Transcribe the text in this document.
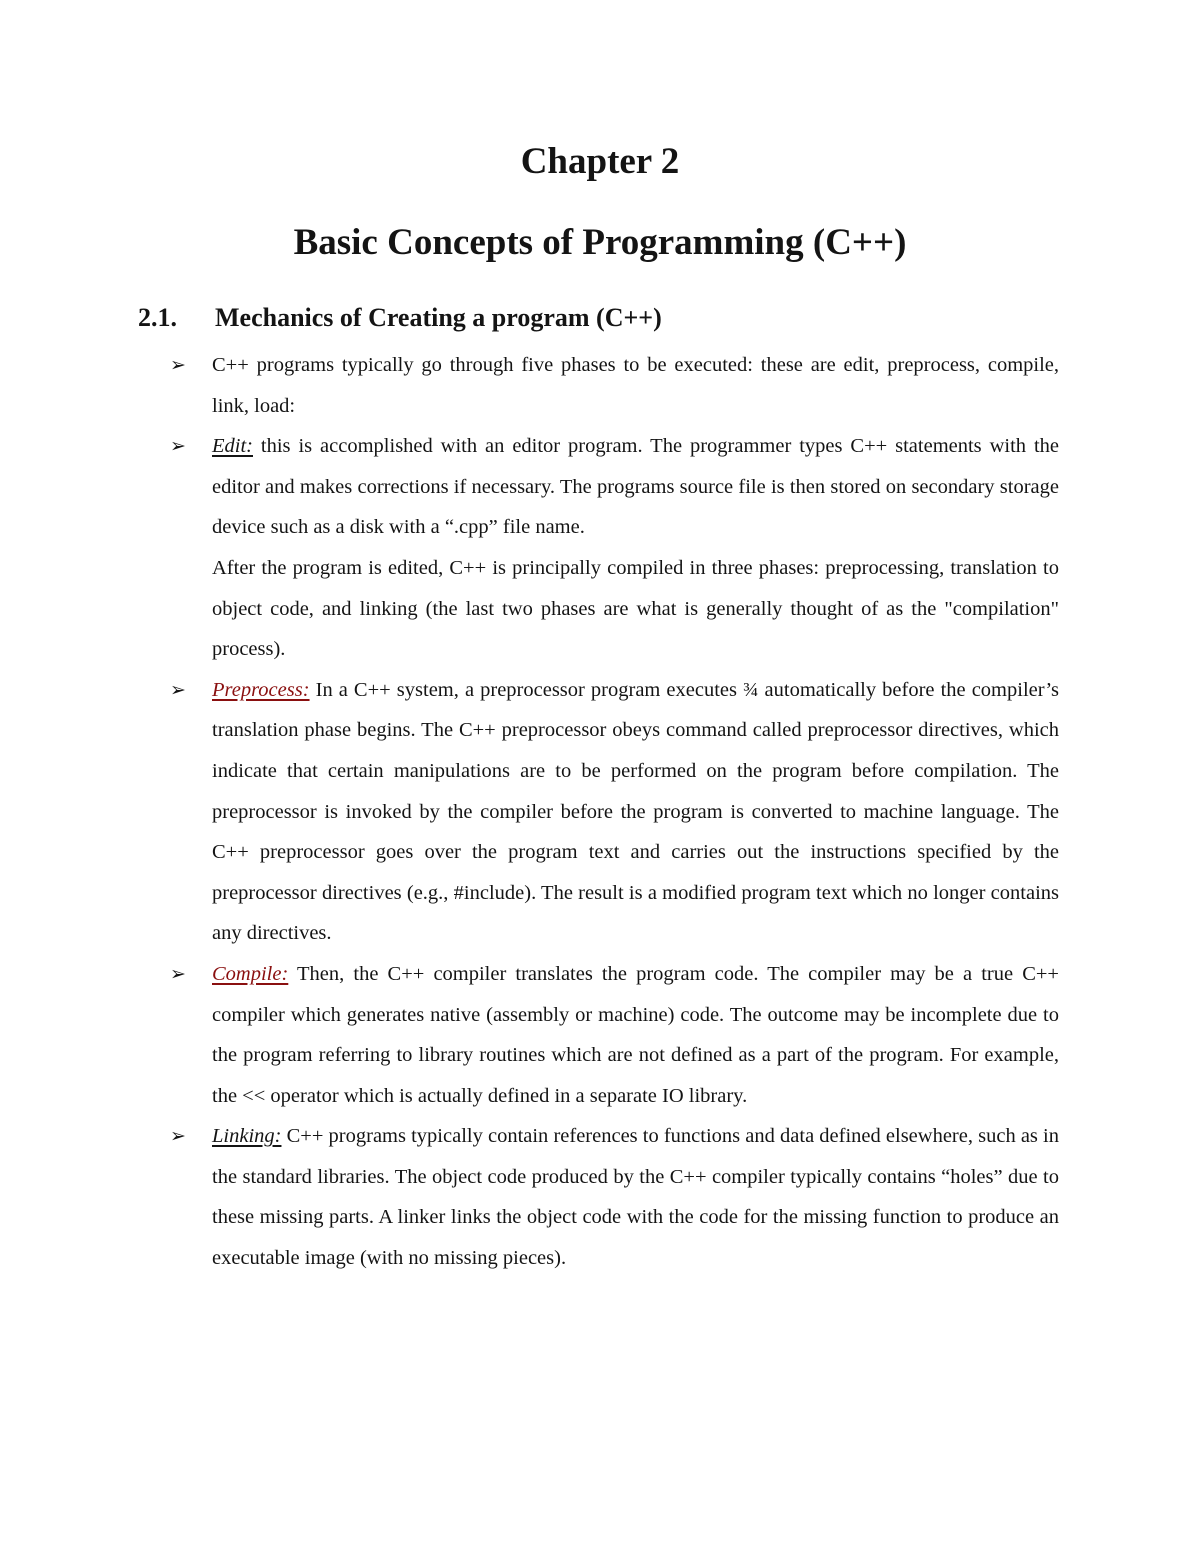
Chapter 2
Basic Concepts of Programming (C++)
2.1. Mechanics of Creating a program (C++)
➢ C++ programs typically go through five phases to be executed: these are edit, preprocess, compile, link, load:
➢ Edit: this is accomplished with an editor program. The programmer types C++ statements with the editor and makes corrections if necessary. The programs source file is then stored on secondary storage device such as a disk with a “.cpp” file name.
After the program is edited, C++ is principally compiled in three phases: preprocessing, translation to object code, and linking (the last two phases are what is generally thought of as the "compilation" process).
➢ Preprocess: In a C++ system, a preprocessor program executes ¾ automatically before the compiler’s translation phase begins. The C++ preprocessor obeys command called preprocessor directives, which indicate that certain manipulations are to be performed on the program before compilation. The preprocessor is invoked by the compiler before the program is converted to machine language. The C++ preprocessor goes over the program text and carries out the instructions specified by the preprocessor directives (e.g., #include). The result is a modified program text which no longer contains any directives.
➢ Compile: Then, the C++ compiler translates the program code. The compiler may be a true C++ compiler which generates native (assembly or machine) code. The outcome may be incomplete due to the program referring to library routines which are not defined as a part of the program. For example, the << operator which is actually defined in a separate IO library.
➢ Linking: C++ programs typically contain references to functions and data defined elsewhere, such as in the standard libraries. The object code produced by the C++ compiler typically contains “holes” due to these missing parts. A linker links the object code with the code for the missing function to produce an executable image (with no missing pieces).
